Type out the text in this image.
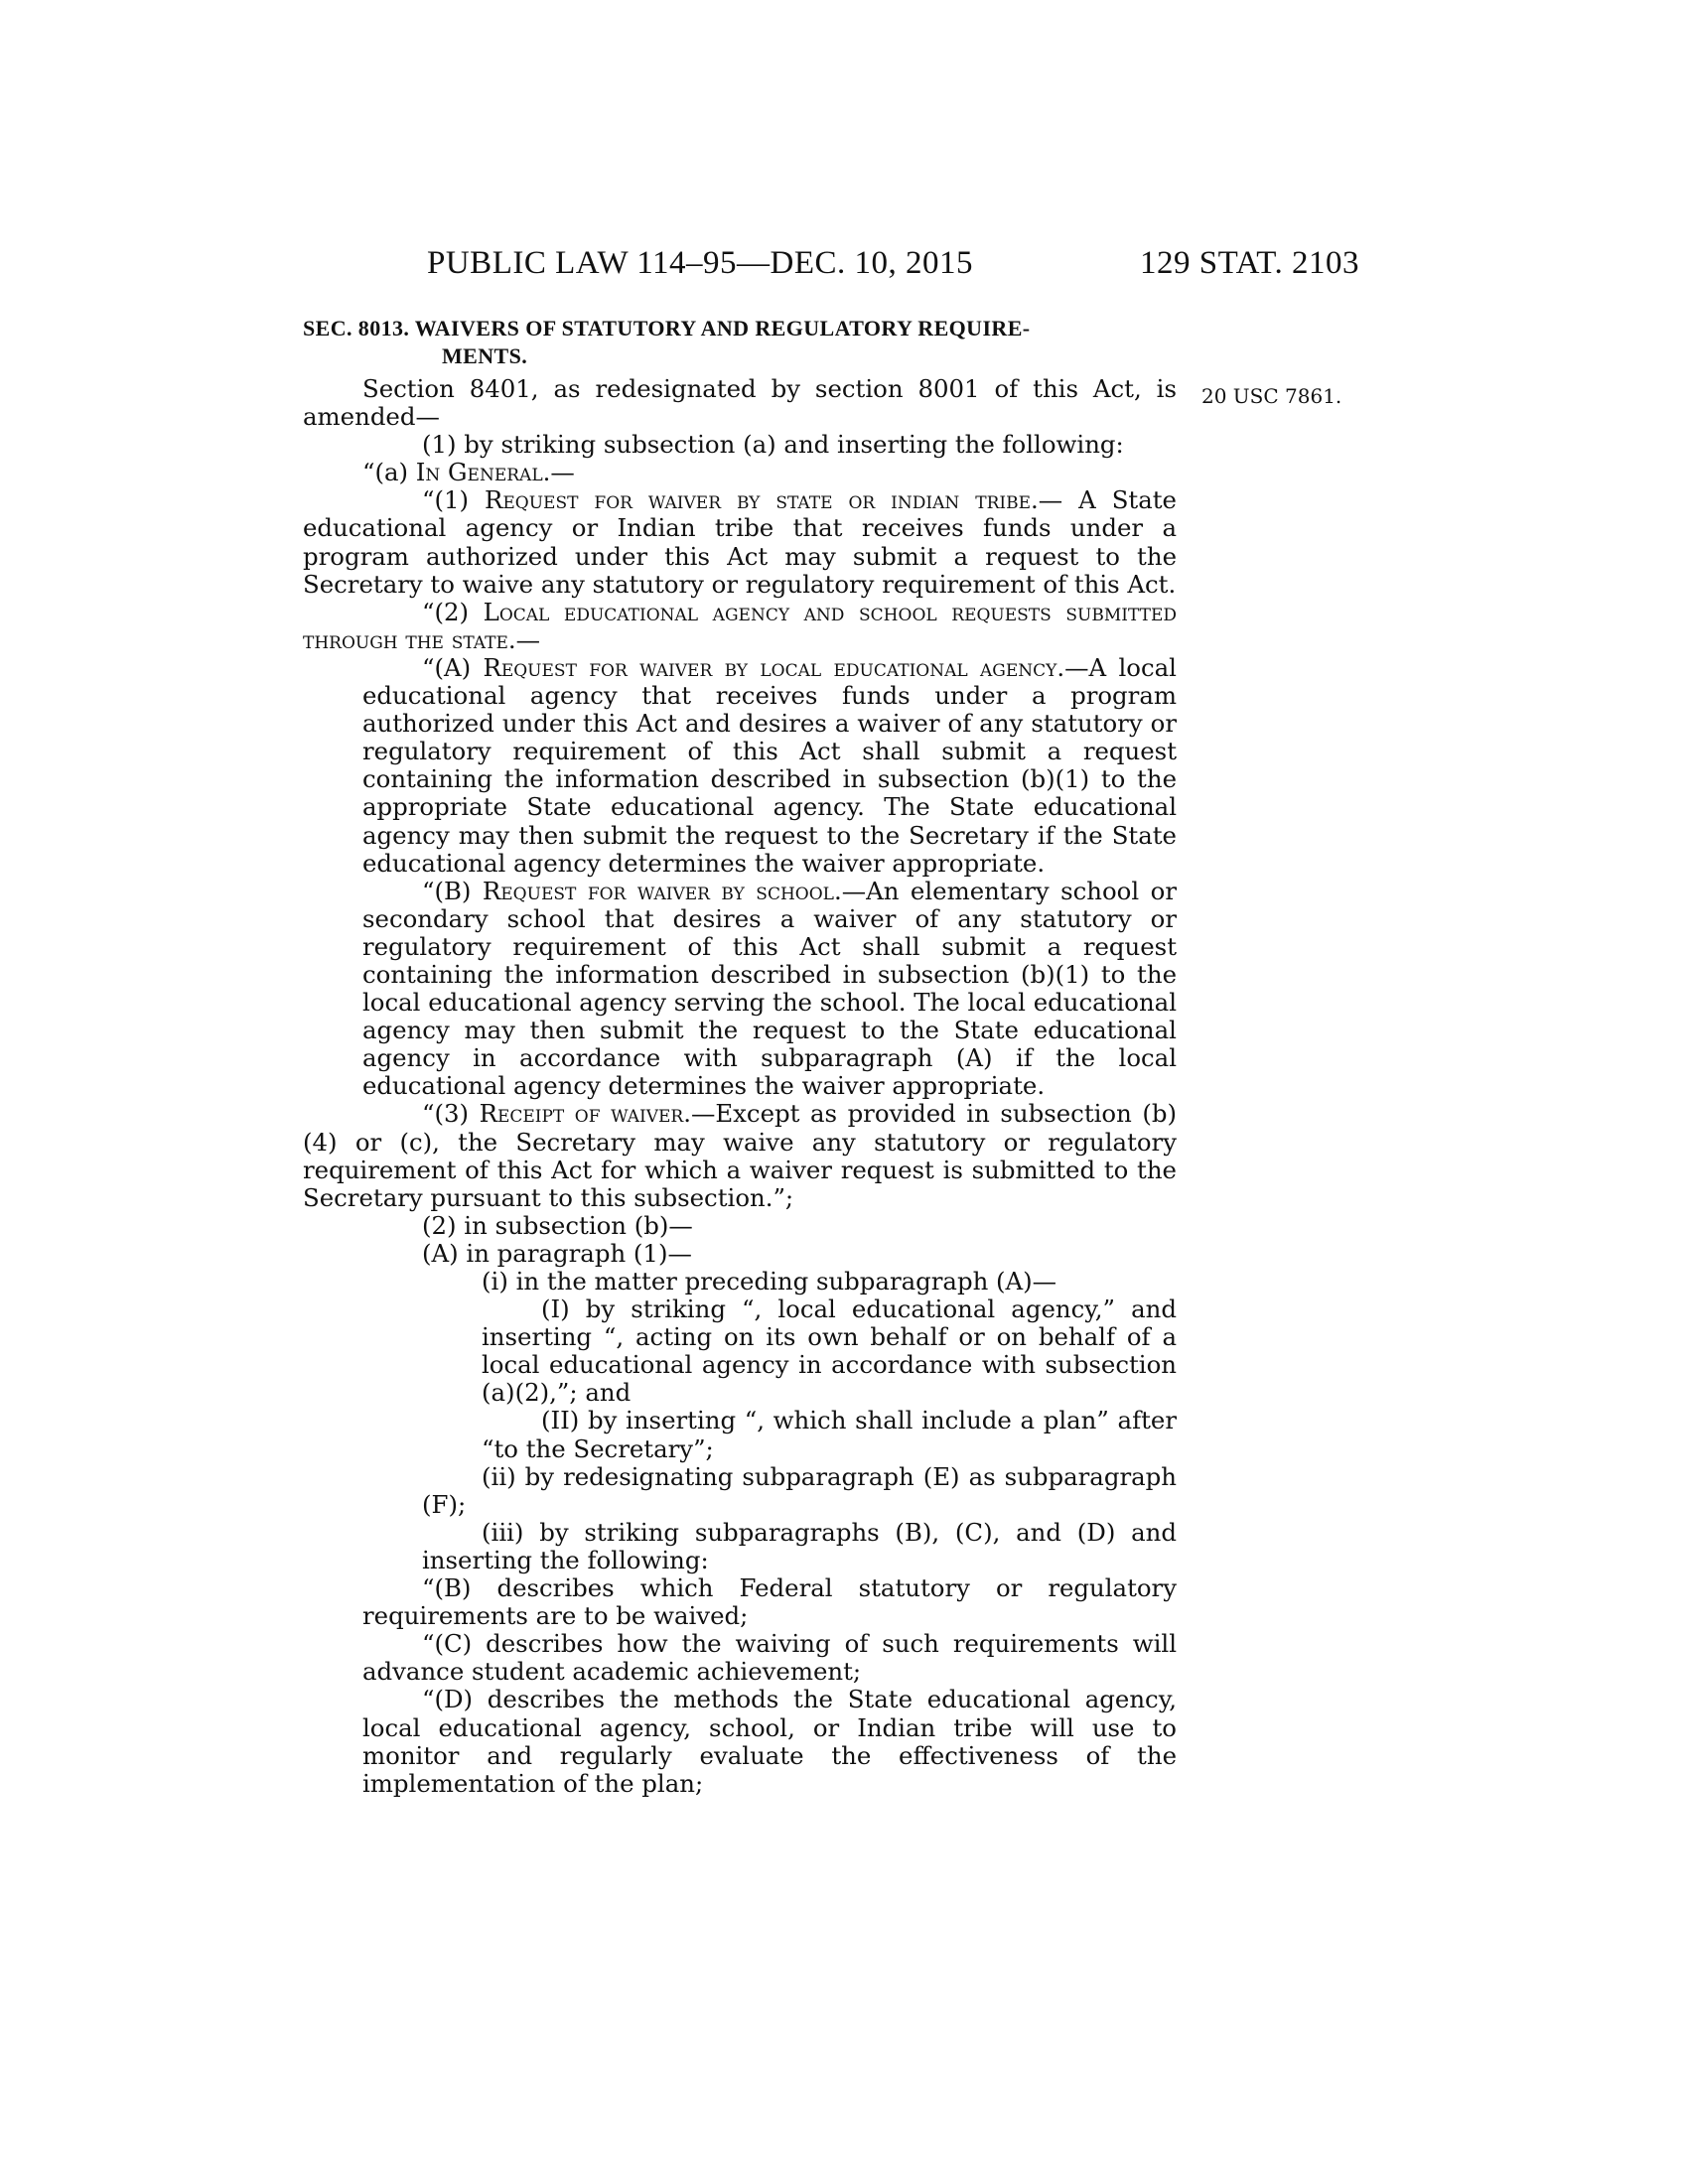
PUBLIC LAW 114–95—DEC. 10, 2015	129 STAT. 2103
SEC. 8013. WAIVERS OF STATUTORY AND REGULATORY REQUIRE-
MENTS.
20 USC 7861.

Section 8401, as redesignated by section 8001 of this Act, is amended—

(1) by striking subsection (a) and inserting the following:

“(a) In General.—

“(1) Request for waiver by state or indian tribe.— A State educational agency or Indian tribe that receives funds under a program authorized under this Act may submit a request to the Secretary to waive any statutory or regulatory requirement of this Act.

“(2) Local educational agency and school requests submitted through the state.—

“(A) Request for waiver by local educational agency.—A local educational agency that receives funds under a program authorized under this Act and desires a waiver of any statutory or regulatory requirement of this Act shall submit a request containing the information described in subsection (b)(1) to the appropriate State educational agency. The State educational agency may then submit the request to the Secretary if the State educational agency determines the waiver appropriate.

“(B) Request for waiver by school.—An elementary school or secondary school that desires a waiver of any statutory or regulatory requirement of this Act shall submit a request containing the information described in subsection (b)(1) to the local educational agency serving the school. The local educational agency may then submit the request to the State educational agency in accordance with subparagraph (A) if the local educational agency determines the waiver appropriate.

“(3) Receipt of waiver.—Except as provided in subsection (b)(4) or (c), the Secretary may waive any statutory or regulatory requirement of this Act for which a waiver request is submitted to the Secretary pursuant to this subsection.”;

(2) in subsection (b)—

(A) in paragraph (1)—

(i) in the matter preceding subparagraph (A)—

(I) by striking “, local educational agency,” and inserting “, acting on its own behalf or on behalf of a local educational agency in accordance with subsection (a)(2),”; and

(II) by inserting “, which shall include a plan” after “to the Secretary”;

(ii) by redesignating subparagraph (E) as subparagraph (F);

(iii) by striking subparagraphs (B), (C), and (D) and inserting the following:

“(B) describes which Federal statutory or regulatory requirements are to be waived;

“(C) describes how the waiving of such requirements will advance student academic achievement;

“(D) describes the methods the State educational agency, local educational agency, school, or Indian tribe will use to monitor and regularly evaluate the effectiveness of the implementation of the plan;
